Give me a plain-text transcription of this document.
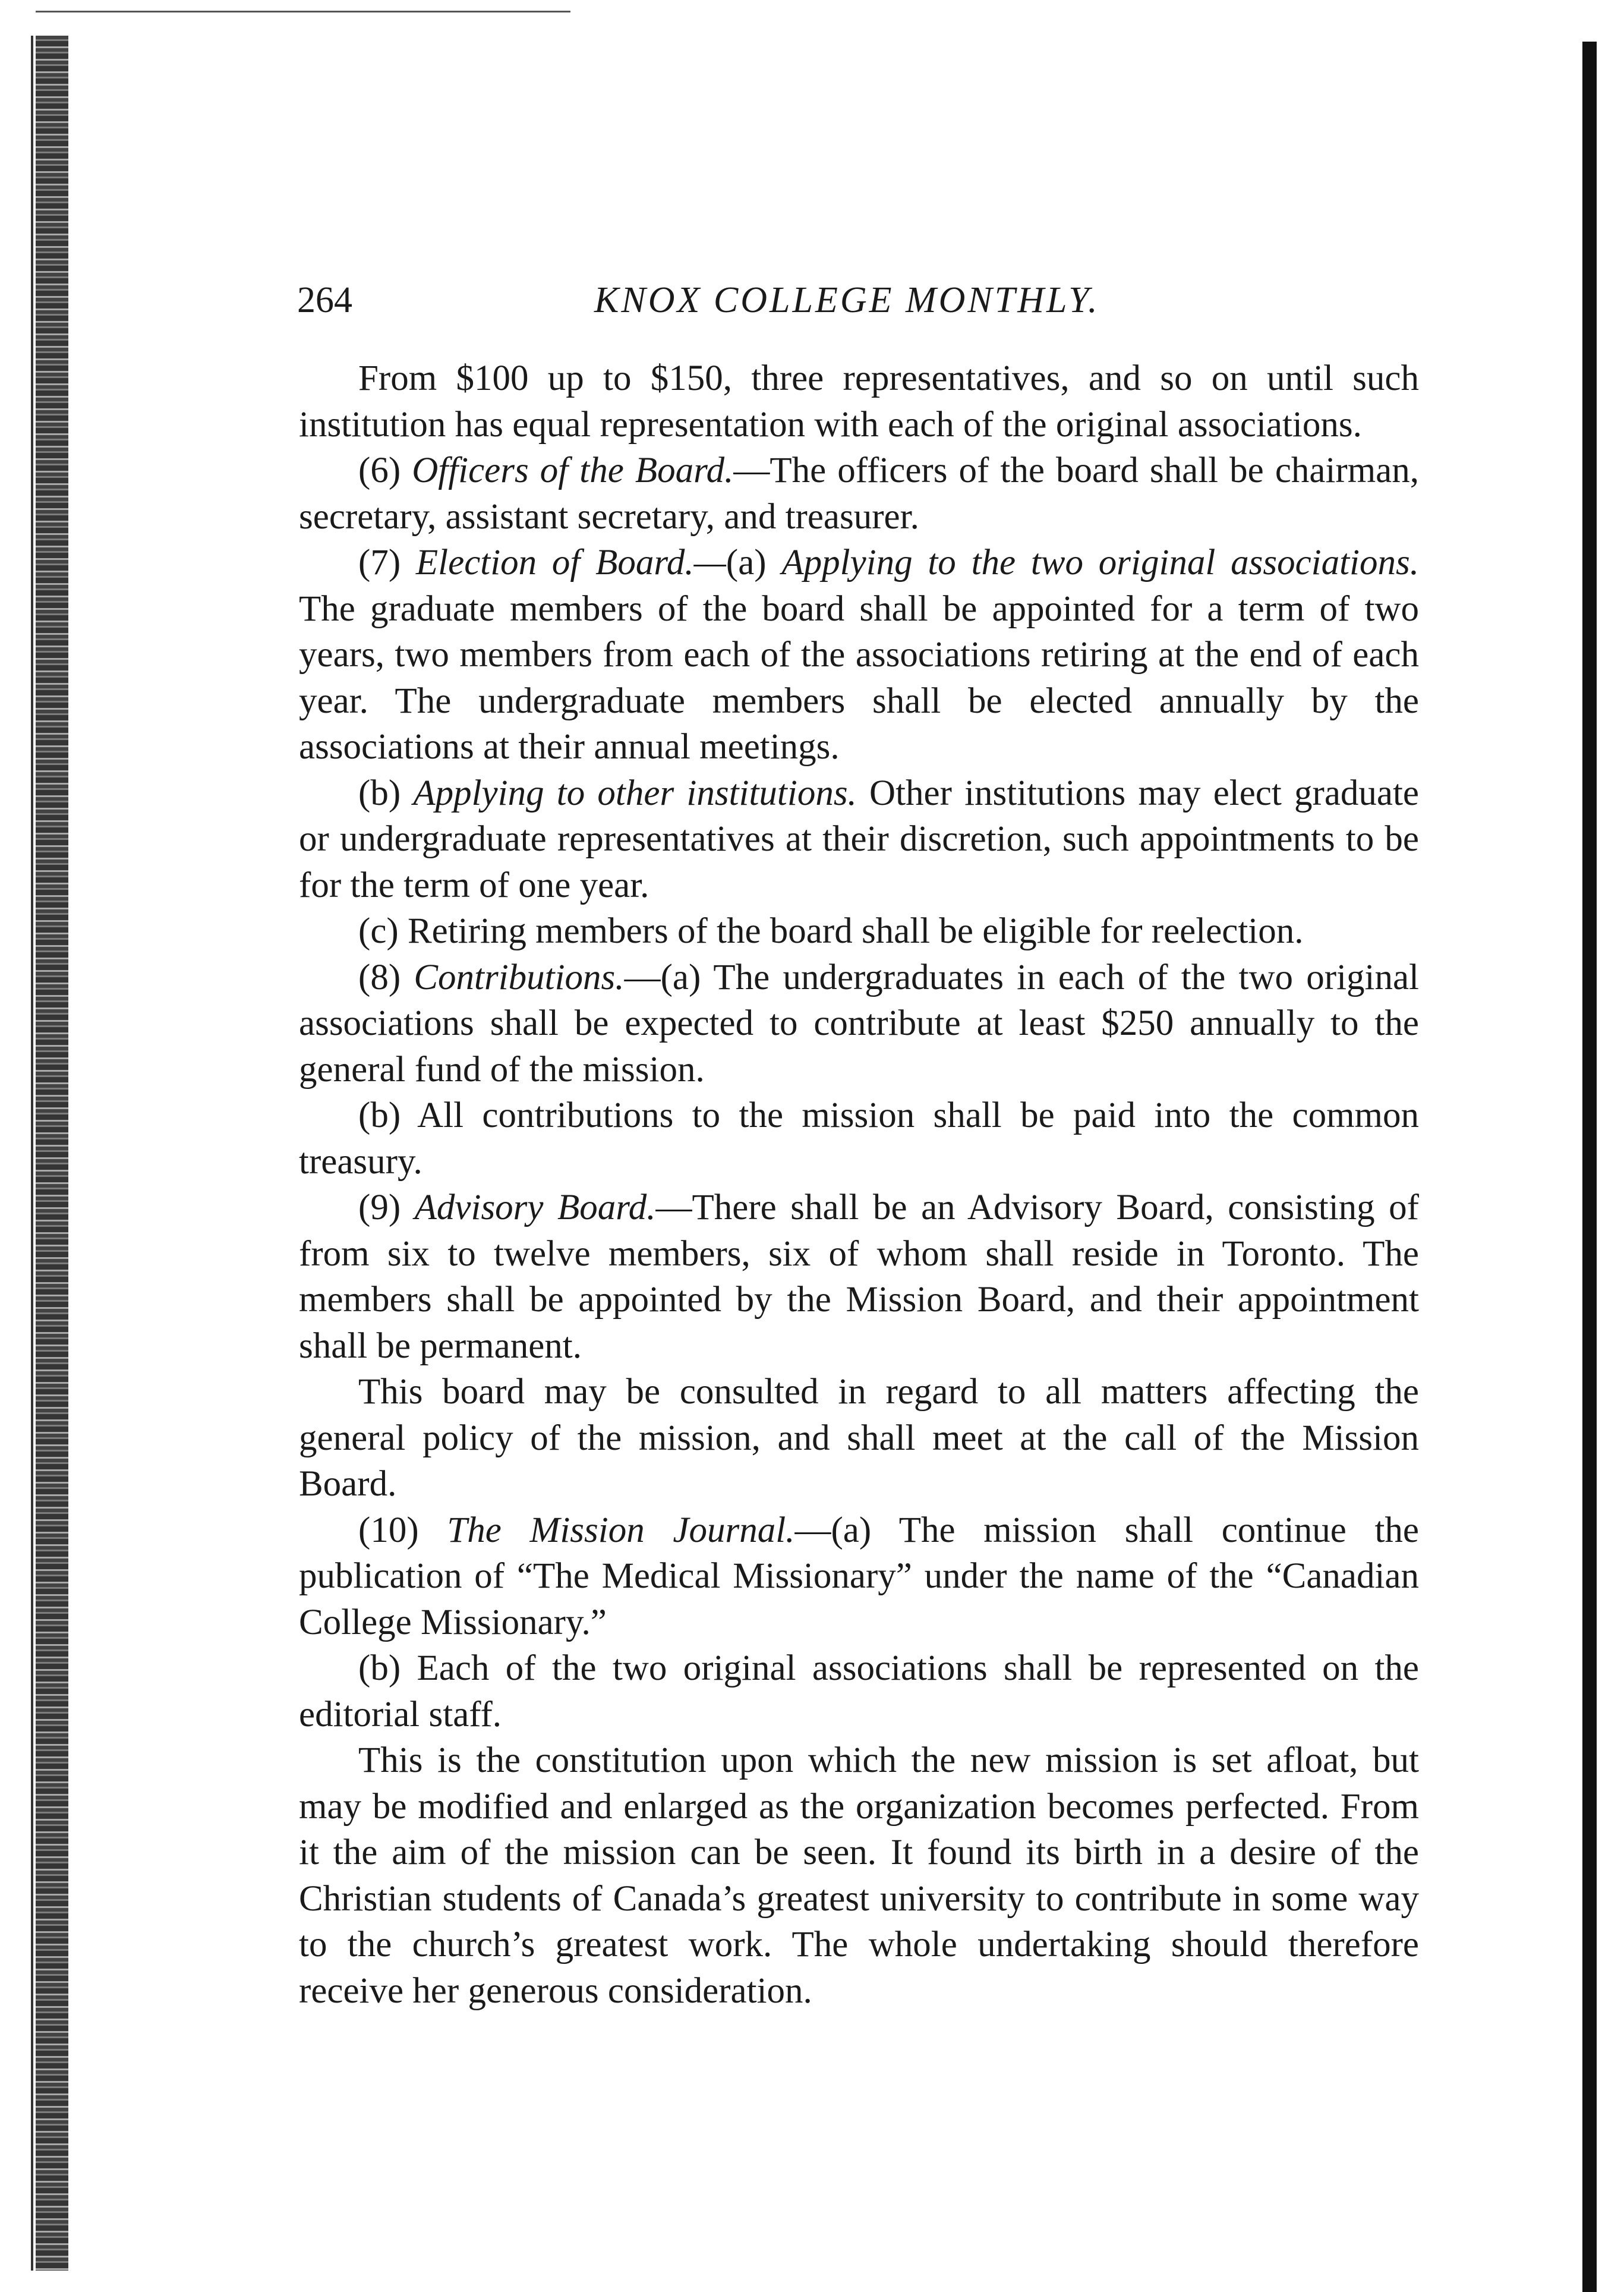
264	KNOX COLLEGE MONTHLY.

From $100 up to $150, three representatives, and so on until such institution has equal representation with each of the original associations.

(6) Officers of the Board.—The officers of the board shall be chairman, secretary, assistant secretary, and treasurer.

(7) Election of Board.—(a) Applying to the two original associations. The graduate members of the board shall be appointed for a term of two years, two members from each of the associations retiring at the end of each year. The undergraduate members shall be elected annually by the associations at their annual meetings.

(b) Applying to other institutions. Other institutions may elect graduate or undergraduate representatives at their discretion, such appointments to be for the term of one year.

(c) Retiring members of the board shall be eligible for reelection.

(8) Contributions.—(a) The undergraduates in each of the two original associations shall be expected to contribute at least $250 annually to the general fund of the mission.

(b) All contributions to the mission shall be paid into the common treasury.

(9) Advisory Board.—There shall be an Advisory Board, consisting of from six to twelve members, six of whom shall reside in Toronto. The members shall be appointed by the Mission Board, and their appointment shall be permanent.

This board may be consulted in regard to all matters affecting the general policy of the mission, and shall meet at the call of the Mission Board.

(10) The Mission Journal.—(a) The mission shall continue the publication of “The Medical Missionary” under the name of the “Canadian College Missionary.”

(b) Each of the two original associations shall be represented on the editorial staff.

This is the constitution upon which the new mission is set afloat, but may be modified and enlarged as the organization becomes perfected. From it the aim of the mission can be seen. It found its birth in a desire of the Christian students of Canada’s greatest university to contribute in some way to the church’s greatest work. The whole undertaking should therefore receive her generous consideration.
